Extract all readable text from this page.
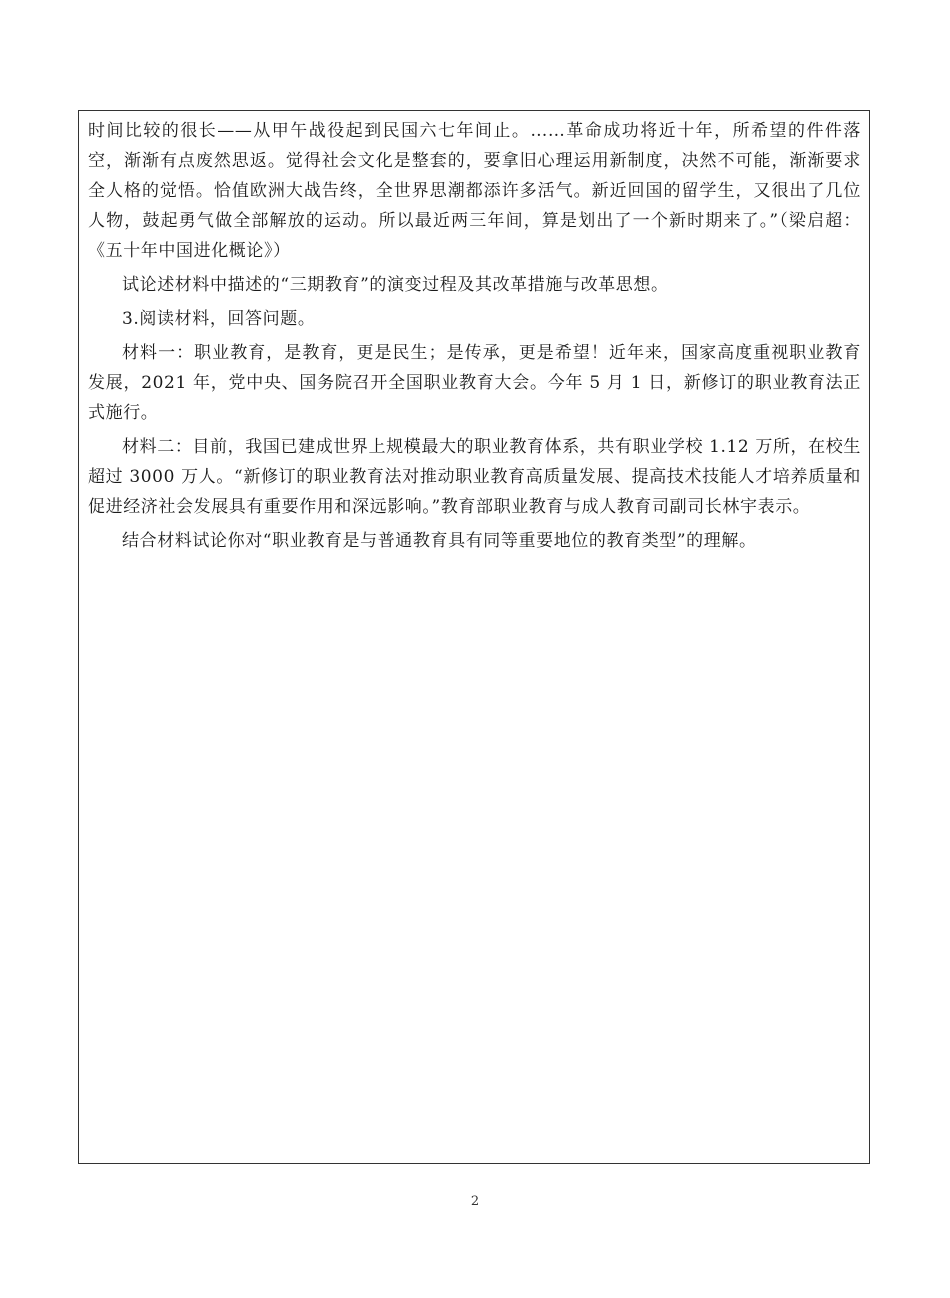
时间比较的很长——从甲午战役起到民国六七年间止。……革命成功将近十年，所希望的件件落空，渐渐有点废然思返。觉得社会文化是整套的，要拿旧心理运用新制度，决然不可能，渐渐要求全人格的觉悟。恰值欧洲大战告终，全世界思潮都添许多活气。新近回国的留学生，又很出了几位人物，鼓起勇气做全部解放的运动。所以最近两三年间，算是划出了一个新时期来了。”（梁启超：《五十年中国进化概论》）

试论述材料中描述的“三期教育”的演变过程及其改革措施与改革思想。

3.阅读材料，回答问题。

材料一：职业教育，是教育，更是民生；是传承，更是希望！近年来，国家高度重视职业教育发展，2021 年，党中央、国务院召开全国职业教育大会。今年 5 月 1 日，新修订的职业教育法正式施行。

材料二：目前，我国已建成世界上规模最大的职业教育体系，共有职业学校 1.12 万所，在校生超过 3000 万人。“新修订的职业教育法对推动职业教育高质量发展、提高技术技能人才培养质量和促进经济社会发展具有重要作用和深远影响。”教育部职业教育与成人教育司副司长林宇表示。

结合材料试论你对“职业教育是与普通教育具有同等重要地位的教育类型”的理解。

2
